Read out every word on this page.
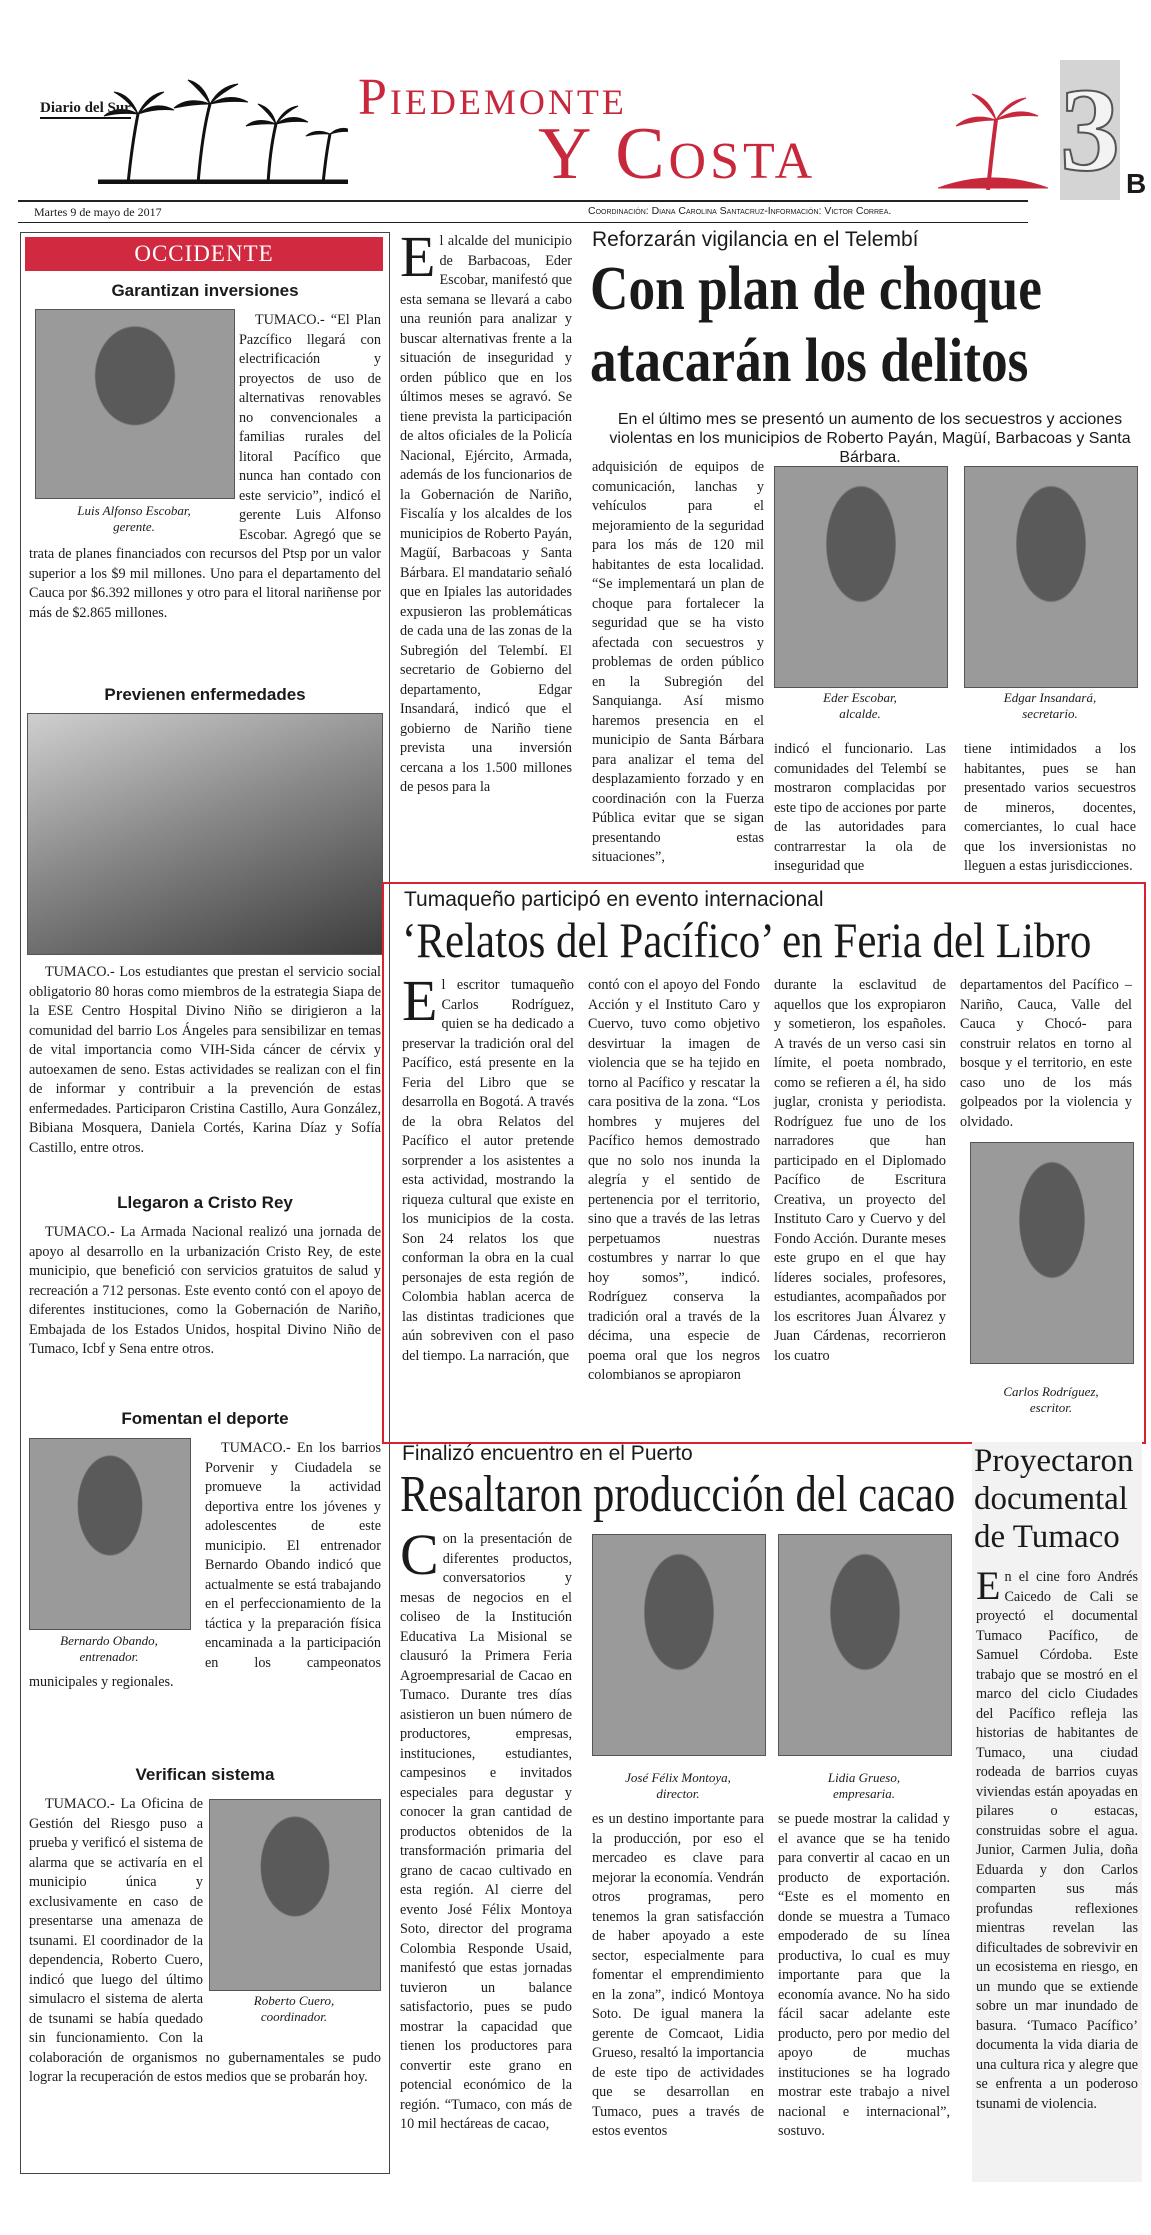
Diario del Sur	Piedemonte
Y Costa 3 B
Martes 9 de mayo de 2017	Coordinación: Diana Carolina Santacruz-Información: Victor Correa.
OCCIDENTE
Garantizan inversiones
Luis Alfonso Escobar,
gerente.

TUMACO.- “El Plan Pazcífico llegará con electrificación y proyectos de uso de alternativas renovables no convencionales a familias rurales del litoral Pacífico que nunca han contado con este servicio”, indicó el gerente Luis Alfonso Escobar. Agregó que se trata de planes financiados con recursos del Ptsp por un valor superior a los $9 mil millones. Uno para el departamento del Cauca por $6.392 millones y otro para el litoral nariñense por más de $2.865 millones.

Previenen enfermedades

TUMACO.- Los estudiantes que prestan el servicio social obligatorio 80 horas como miembros de la estrategia Siapa de la ESE Centro Hospital Divino Niño se dirigieron a la comunidad del barrio Los Ángeles para sensibilizar en temas de vital importancia como VIH-Sida cáncer de cérvix y autoexamen de seno. Estas actividades se realizan con el fin de informar y contribuir a la prevención de estas enfermedades. Participaron Cristina Castillo, Aura González, Bibiana Mosquera, Daniela Cortés, Karina Díaz y Sofía Castillo, entre otros.

Llegaron a Cristo Rey

TUMACO.- La Armada Nacional realizó una jornada de apoyo al desarrollo en la urbanización Cristo Rey, de este municipio, que benefició con servicios gratuitos de salud y recreación a 712 personas. Este evento contó con el apoyo de diferentes instituciones, como la Gobernación de Nariño, Embajada de los Estados Unidos, hospital Divino Niño de Tumaco, Icbf y Sena entre otros.

Fomentan el deporte
Bernardo Obando,
entrenador.

TUMACO.- En los barrios Porvenir y Ciudadela se promueve la actividad deportiva entre los jóvenes y adolescentes de este municipio. El entrenador Bernardo Obando indicó que actualmente se está trabajando en el perfeccionamiento de la táctica y la preparación física encaminada a la participación en los campeonatos municipales y regionales.

Verifican sistema
Roberto Cuero,
coordinador.

TUMACO.- La Oficina de Gestión del Riesgo puso a prueba y verificó el sistema de alarma que se activaría en el municipio única y exclusivamente en caso de presentarse una amenaza de tsunami. El coordinador de la dependencia, Roberto Cuero, indicó que luego del último simulacro el sistema de alerta de tsunami se había quedado sin funcionamiento. Con la colaboración de organismos no gubernamentales se pudo lograr la recuperación de estos medios que se probarán hoy.

E l alcalde del municipio de Barbacoas, Eder Escobar, manifestó que esta semana se llevará a cabo una reunión para analizar y buscar alternativas frente a la situación de inseguridad y orden público que en los últimos meses se agravó. Se tiene prevista la participación de altos oficiales de la Policía Nacional, Ejército, Armada, además de los funcionarios de la Gobernación de Nariño, Fiscalía y los alcaldes de los municipios de Roberto Payán, Magüí, Barbacoas y Santa Bárbara. El mandatario señaló que en Ipiales las autoridades expusieron las problemáticas de cada una de las zonas de la Subregión del Telembí. El secretario de Gobierno del departamento, Edgar Insandará, indicó que el gobierno de Nariño tiene prevista una inversión cercana a los 1.500 millones de pesos para la
Reforzarán vigilancia en el Telembí
Con plan de choque
atacarán los delitos
En el último mes se presentó un aumento de los secuestros y acciones violentas en los municipios de Roberto Payán, Magüí, Barbacoas y Santa Bárbara.
adquisición de equipos de comunicación, lanchas y vehículos para el mejoramiento de la seguridad para los más de 120 mil habitantes de esta localidad. “Se implementará un plan de choque para fortalecer la seguridad que se ha visto afectada con secuestros y problemas de orden público en la Subregión del Sanquianga. Así mismo haremos presencia en el municipio de Santa Bárbara para analizar el tema del desplazamiento forzado y en coordinación con la Fuerza Pública evitar que se sigan presentando estas situaciones”,
Eder Escobar,
alcalde.
Edgar Insandará,
secretario.
indicó el funcionario. Las comunidades del Telembí se mostraron complacidas por este tipo de acciones por parte de las autoridades para contrarrestar la ola de inseguridad que
tiene intimidados a los habitantes, pues se han presentado varios secuestros de mineros, docentes, comerciantes, lo cual hace que los inversionistas no lleguen a estas jurisdicciones.
Tumaqueño participó en evento internacional
‘Relatos del Pacífico’ en Feria del Libro
E l escritor tumaqueño Carlos Rodríguez, quien se ha dedicado a preservar la tradición oral del Pacífico, está presente en la Feria del Libro que se desarrolla en Bogotá. A través de la obra Relatos del Pacífico el autor pretende sorprender a los asistentes a esta actividad, mostrando la riqueza cultural que existe en los municipios de la costa. Son 24 relatos los que conforman la obra en la cual personajes de esta región de Colombia hablan acerca de las distintas tradiciones que aún sobreviven con el paso del tiempo. La narración, que
contó con el apoyo del Fondo Acción y el Instituto Caro y Cuervo, tuvo como objetivo desvirtuar la imagen de violencia que se ha tejido en torno al Pacífico y rescatar la cara positiva de la zona. “Los hombres y mujeres del Pacífico hemos demostrado que no solo nos inunda la alegría y el sentido de pertenencia por el territorio, sino que a través de las letras perpetuamos nuestras costumbres y narrar lo que hoy somos”, indicó. Rodríguez conserva la tradición oral a través de la décima, una especie de poema oral que los negros colombianos se apropiaron
durante la esclavitud de aquellos que los expropiaron y sometieron, los españoles. A través de un verso casi sin límite, el poeta nombrado, como se refieren a él, ha sido juglar, cronista y periodista. Rodríguez fue uno de los narradores que han participado en el Diplomado Pacífico de Escritura Creativa, un proyecto del Instituto Caro y Cuervo y del Fondo Acción. Durante meses este grupo en el que hay líderes sociales, profesores, estudiantes, acompañados por los escritores Juan Álvarez y Juan Cárdenas, recorrieron los cuatro
departamentos del Pacífico –Nariño, Cauca, Valle del Cauca y Chocó- para construir relatos en torno al bosque y el territorio, en este caso uno de los más golpeados por la violencia y olvidado.
Carlos Rodríguez,
escritor.
Finalizó encuentro en el Puerto
Resaltaron producción del cacao
C on la presentación de diferentes productos, conversatorios y mesas de negocios en el coliseo de la Institución Educativa La Misional se clausuró la Primera Feria Agroempresarial de Cacao en Tumaco. Durante tres días asistieron un buen número de productores, empresas, instituciones, estudiantes, campesinos e invitados especiales para degustar y conocer la gran cantidad de productos obtenidos de la transformación primaria del grano de cacao cultivado en esta región. Al cierre del evento José Félix Montoya Soto, director del programa Colombia Responde Usaid, manifestó que estas jornadas tuvieron un balance satisfactorio, pues se pudo mostrar la capacidad que tienen los productores para convertir este grano en potencial económico de la región. “Tumaco, con más de 10 mil hectáreas de cacao,
José Félix Montoya,
director.
Lidia Grueso,
empresaria.
es un destino importante para la producción, por eso el mercadeo es clave para mejorar la economía. Vendrán otros programas, pero tenemos la gran satisfacción de haber apoyado a este sector, especialmente para fomentar el emprendimiento en la zona”, indicó Montoya Soto. De igual manera la gerente de Comcaot, Lidia Grueso, resaltó la importancia de este tipo de actividades que se desarrollan en Tumaco, pues a través de estos eventos
se puede mostrar la calidad y el avance que se ha tenido para convertir al cacao en un producto de exportación. “Este es el momento en donde se muestra a Tumaco empoderado de su línea productiva, lo cual es muy importante para que la economía avance. No ha sido fácil sacar adelante este producto, pero por medio del apoyo de muchas instituciones se ha logrado mostrar este trabajo a nivel nacional e internacional”, sostuvo.
Proyectaron
documental
de Tumaco
E n el cine foro Andrés Caicedo de Cali se proyectó el documental Tumaco Pacífico, de Samuel Córdoba. Este trabajo que se mostró en el marco del ciclo Ciudades del Pacífico refleja las historias de habitantes de Tumaco, una ciudad rodeada de barrios cuyas viviendas están apoyadas en pilares o estacas, construidas sobre el agua. Junior, Carmen Julia, doña Eduarda y don Carlos comparten sus más profundas reflexiones mientras revelan las dificultades de sobrevivir en un ecosistema en riesgo, en un mundo que se extiende sobre un mar inundado de basura. ‘Tumaco Pacífico’ documenta la vida diaria de una cultura rica y alegre que se enfrenta a un poderoso tsunami de violencia.
